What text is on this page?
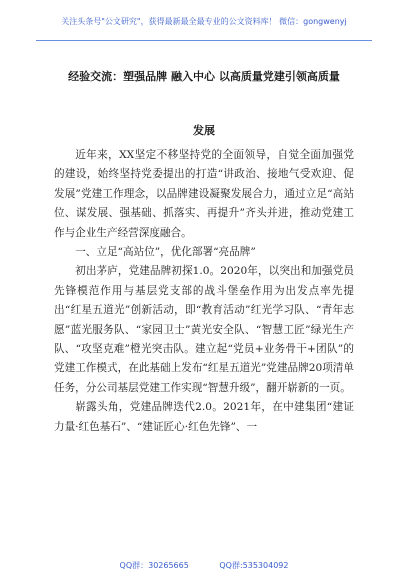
关注头条号"公文研究"，获得最新最全最专业的公文资料库！ 微信：gongwenyj
经验交流：塑强品牌 融入中心 以高质量党建引领高质量
发展

近年来，XX坚定不移坚持党的全面领导，自觉全面加强党的建设，始终坚持党委提出的打造“讲政治、接地气受欢迎、促发展”党建工作理念，以品牌建设凝聚发展合力，通过立足“高站位、谋发展、强基础、抓落实、再提升”齐头并进，推动党建工作与企业生产经营深度融合。

一、立足“高站位”，优化部署“亮品牌”

初出茅庐，党建品牌初探1.0。2020年，以突出和加强党员先锋模范作用与基层党支部的战斗堡垒作用为出发点率先提出“红星五道光”创新活动，即“教育活动”红光学习队、“青年志愿”蓝光服务队、“家园卫士”黄光安全队、“智慧工匠”绿光生产队、“攻坚克难”橙光突击队。建立起“党员+业务骨干+团队”的党建工作模式，在此基础上发布“红星五道光”党建品牌20项清单任务，分公司基层党建工作实现“智慧升级”，翻开崭新的一页。

崭露头角，党建品牌迭代2.0。2021年，在中建集团“建证力量·红色基石”、“建证匠心·红色先锋”、一

QQ群：30265665	QQ群:535304092
